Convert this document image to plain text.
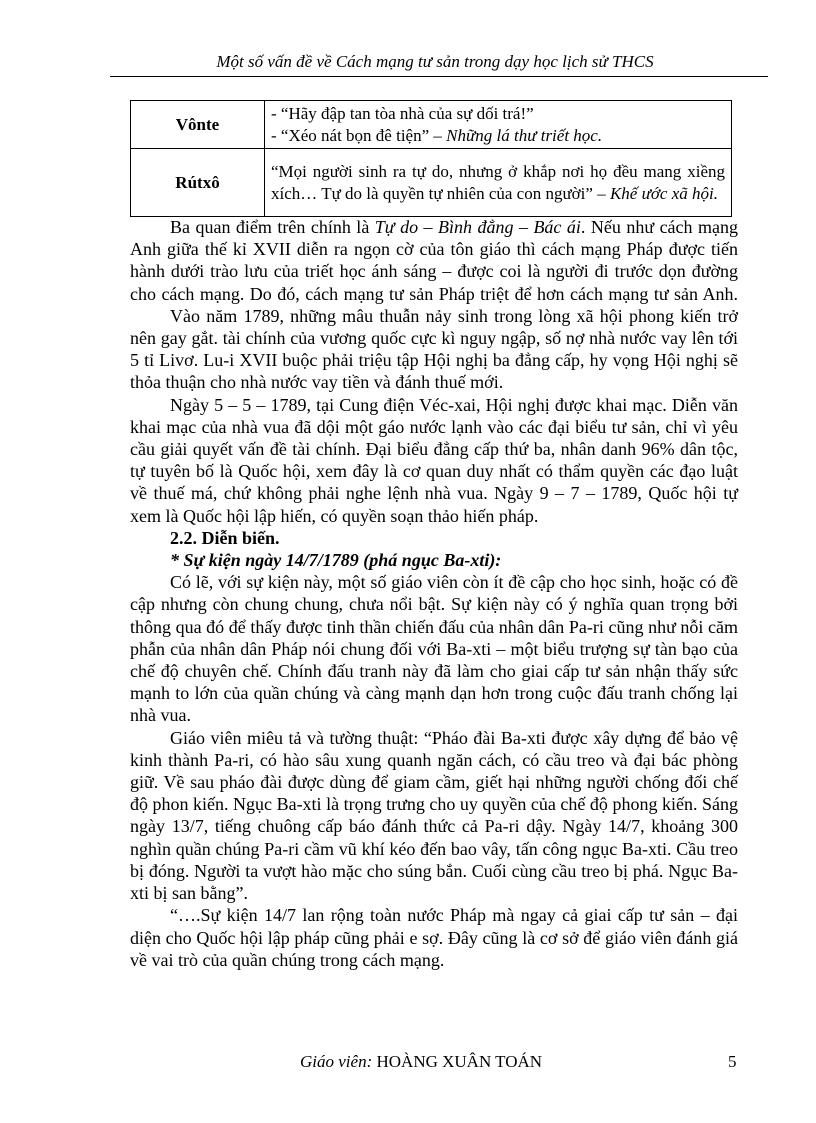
Một số vấn đề về Cách mạng tư sản trong dạy học lịch sử THCS
Vônte	- “Hãy đập tan tòa nhà của sự dối trá!”
- “Xéo nát bọn đê tiện” – Những lá thư triết học.

Rútxô	“Mọi người sinh ra tự do, nhưng ở khắp nơi họ đều mang xiềng xích… Tự do là quyền tự nhiên của con người” – Khế ước xã hội.

Ba quan điểm trên chính là Tự do – Bình đẳng – Bác ái. Nếu như cách mạng Anh giữa thế kỉ XVII diễn ra ngọn cờ của tôn giáo thì cách mạng Pháp được tiến hành dưới trào lưu của triết học ánh sáng – được coi là người đi trước dọn đường cho cách mạng. Do đó, cách mạng tư sản Pháp triệt để hơn cách mạng tư sản Anh.

Vào năm 1789, những mâu thuẫn nảy sinh trong lòng xã hội phong kiến trở nên gay gắt. tài chính của vương quốc cực kì nguy ngập, số nợ nhà nước vay lên tới 5 tỉ Livơ. Lu-i XVII buộc phải triệu tập Hội nghị ba đẳng cấp, hy vọng Hội nghị sẽ thỏa thuận cho nhà nước vay tiền và đánh thuế mới.

Ngày 5 – 5 – 1789, tại Cung điện Véc-xai, Hội nghị được khai mạc. Diễn văn khai mạc của nhà vua đã dội một gáo nước lạnh vào các đại biểu tư sản, chỉ vì yêu cầu giải quyết vấn đề tài chính. Đại biểu đẳng cấp thứ ba, nhân danh 96% dân tộc, tự tuyên bố là Quốc hội, xem đây là cơ quan duy nhất có thẩm quyền các đạo luật về thuế má, chứ không phải nghe lệnh nhà vua. Ngày 9 – 7 – 1789, Quốc hội tự xem là Quốc hội lập hiến, có quyền soạn thảo hiến pháp.

2.2. Diễn biến.
* Sự kiện ngày 14/7/1789 (phá ngục Ba-xti):

Có lẽ, với sự kiện này, một số giáo viên còn ít đề cập cho học sinh, hoặc có đề cập nhưng còn chung chung, chưa nổi bật. Sự kiện này có ý nghĩa quan trọng bởi thông qua đó để thấy được tinh thần chiến đấu của nhân dân Pa-ri cũng như nỗi căm phẫn của nhân dân Pháp nói chung đối với Ba-xti – một biểu trượng sự tàn bạo của chế độ chuyên chế. Chính đấu tranh này đã làm cho giai cấp tư sản nhận thấy sức mạnh to lớn của quần chúng và càng mạnh dạn hơn trong cuộc đấu tranh chống lại nhà vua.

Giáo viên miêu tả và tường thuật: “Pháo đài Ba-xti được xây dựng để bảo vệ kinh thành Pa-ri, có hào sâu xung quanh ngăn cách, có cầu treo và đại bác phòng giữ. Về sau pháo đài được dùng để giam cầm, giết hại những người chống đối chế độ phon kiến. Ngục Ba-xti là trọng trưng cho uy quyền của chế độ phong kiến. Sáng ngày 13/7, tiếng chuông cấp báo đánh thức cả Pa-ri dậy. Ngày 14/7, khoảng 300 nghìn quần chúng Pa-ri cầm vũ khí kéo đến bao vây, tấn công ngục Ba-xti. Cầu treo bị đóng. Người ta vượt hào mặc cho súng bắn. Cuối cùng cầu treo bị phá. Ngục Ba-xti bị san bằng”.

“….Sự kiện 14/7 lan rộng toàn nước Pháp mà ngay cả giai cấp tư sản – đại diện cho Quốc hội lập pháp cũng phải e sợ. Đây cũng là cơ sở để giáo viên đánh giá về vai trò của quần chúng trong cách mạng.

Giáo viên: HOÀNG XUÂN TOÁN	5
